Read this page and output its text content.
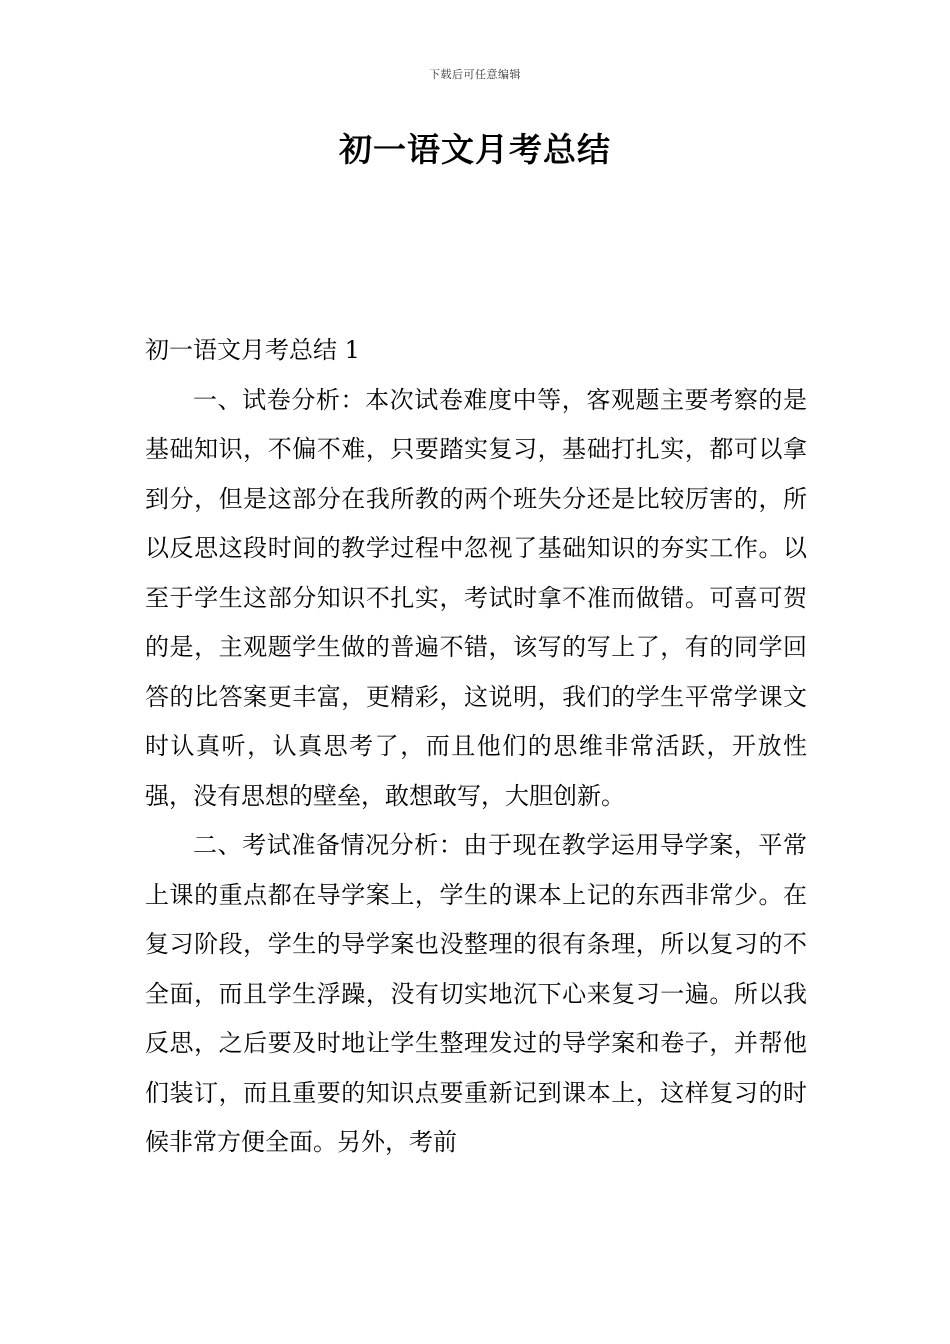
下载后可任意编辑
初一语文月考总结

初一语文月考总结 1

一、试卷分析：本次试卷难度中等，客观题主要考察的是基础知识，不偏不难，只要踏实复习，基础打扎实，都可以拿到分，但是这部分在我所教的两个班失分还是比较厉害的，所以反思这段时间的教学过程中忽视了基础知识的夯实工作。以至于学生这部分知识不扎实，考试时拿不准而做错。可喜可贺的是，主观题学生做的普遍不错，该写的写上了，有的同学回答的比答案更丰富，更精彩，这说明，我们的学生平常学课文时认真听，认真思考了，而且他们的思维非常活跃，开放性强，没有思想的壁垒，敢想敢写，大胆创新。

二、考试准备情况分析：由于现在教学运用导学案，平常上课的重点都在导学案上，学生的课本上记的东西非常少。在复习阶段，学生的导学案也没整理的很有条理，所以复习的不全面，而且学生浮躁，没有切实地沉下心来复习一遍。所以我反思，之后要及时地让学生整理发过的导学案和卷子，并帮他们装订，而且重要的知识点要重新记到课本上，这样复习的时候非常方便全面。另外，考前
